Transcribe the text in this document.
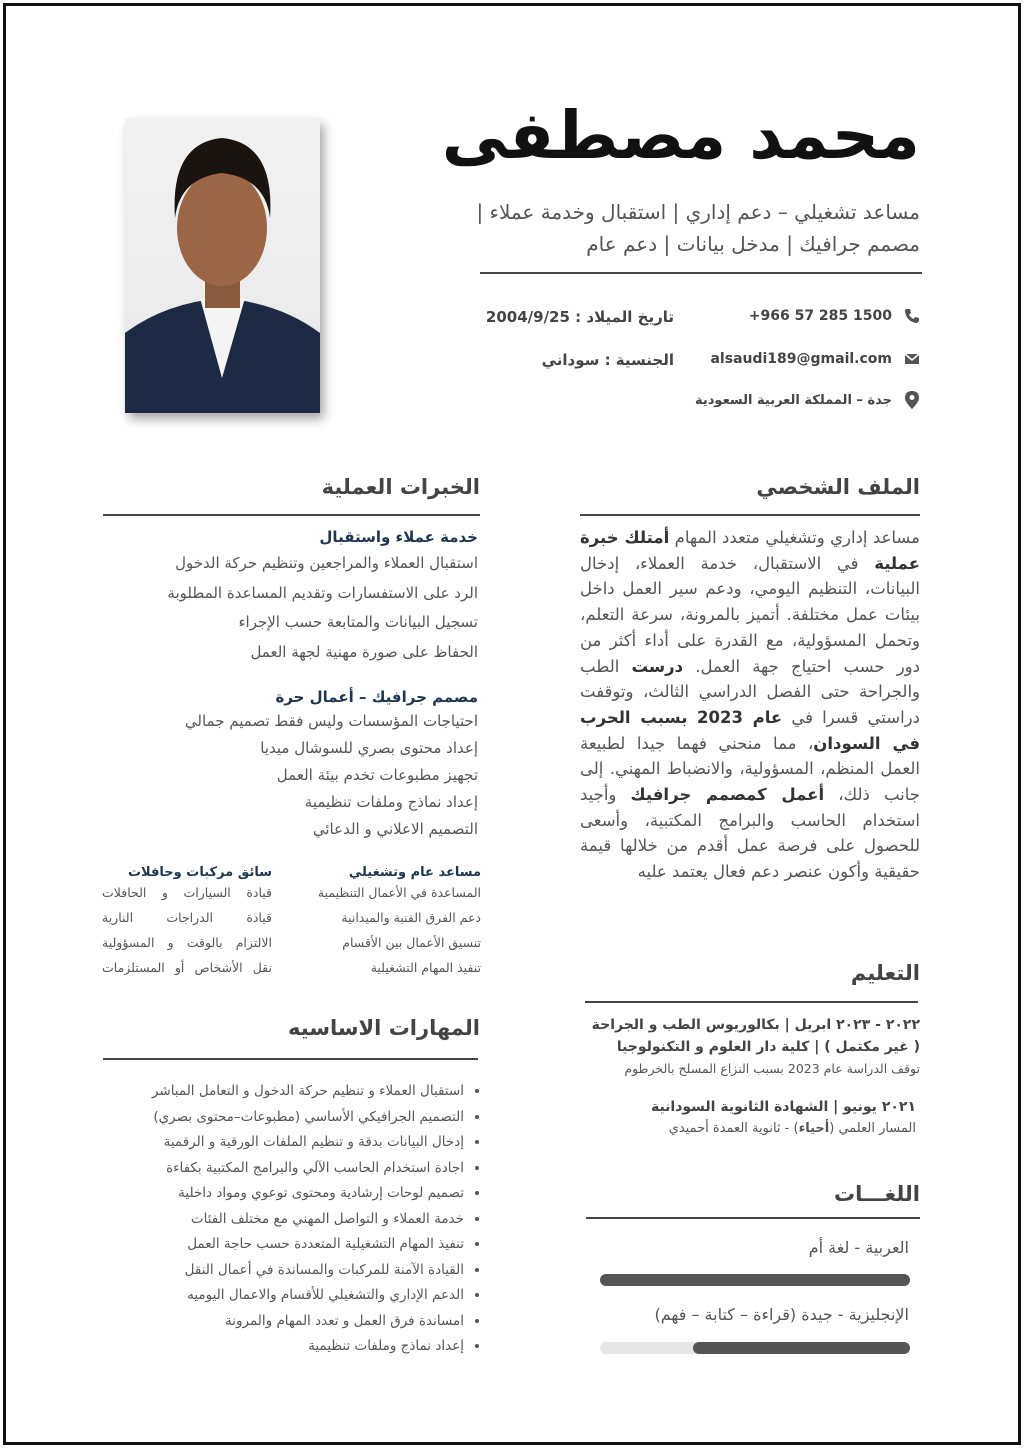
محمد مصطفى
مساعد تشغيلي – دعم إداري | استقبال وخدمة عملاء | مصمم جرافيك | مدخل بيانات | دعم عام
+966 57 285 1500
alsaudi189@gmail.com
جدة – المملكة العربية السعودية
تاريخ الميلاد : 2004/9/25
الجنسية : سوداني
الملف الشخصي
مساعد إداري وتشغيلي متعدد المهام أمتلك خبرة عملية في الاستقبال، خدمة العملاء، إدخال البيانات، التنظيم اليومي، ودعم سير العمل داخل بيئات عمل مختلفة. أتميز بالمرونة، سرعة التعلم، وتحمل المسؤولية، مع القدرة على أداء أكثر من دور حسب احتياج جهة العمل. درست الطب والجراحة حتى الفصل الدراسي الثالث، وتوقفت دراستي قسرا في عام 2023 بسبب الحرب في السودان، مما منحني فهما جيدا لطبيعة العمل المنظم، المسؤولية، والانضباط المهني. إلى جانب ذلك، أعمل كمصمم جرافيك وأجيد استخدام الحاسب والبرامج المكتبية، وأسعى للحصول على فرصة عمل أقدم من خلالها قيمة حقيقية وأكون عنصر دعم فعال يعتمد عليه
التعليم
٢٠٢٢ - ٢٠٢٣ ابريل | بكالوريوس الطب و الجراحة
( غير مكتمل ) | كلية دار العلوم و التكنولوجيا
توقف الدراسة عام 2023 بسبب النزاع المسلح بالخرطوم
٢٠٢١ يونيو | الشهادة الثانوية السودانية
المسار العلمي (أحياء) - ثانوية العمدة أحميدي
اللغـــات
العربية - لغة أم
الإنجليزية - جيدة (قراءة – كتابة – فهم)
الخبرات العملية
خدمة عملاء واستقبال
استقبال العملاء والمراجعين وتنظيم حركة الدخول
الرد على الاستفسارات وتقديم المساعدة المطلوبة
تسجيل البيانات والمتابعة حسب الإجراء
الحفاظ على صورة مهنية لجهة العمل
مصمم جرافيك – أعمال حرة
احتياجات المؤسسات وليس فقط تصميم جمالي
إعداد محتوى بصري للسوشال ميديا
تجهيز مطبوعات تخدم بيئة العمل
إعداد نماذج وملفات تنظيمية
التصميم الاعلاني و الدعائي
مساعد عام وتشغيلي
المساعدة في الأعمال التنظيمية
دعم الفرق الفنية والميدانية
تنسيق الأعمال بين الأقسام
تنفيذ المهام التشغيلية
سائق مركبات وحافلات
قيادة السيارات و الحافلات
قيادة الدراجات النارية
الالتزام بالوقت و المسؤولية
نقل الأشخاص أو المستلزمات
المهارات الاساسيه
• استقبال العملاء و تنظيم حركة الدخول و التعامل المباشر
• التصميم الجرافيكي الأساسي (مطبوعات–محتوى بصري)
• إدخال البيانات بدقة و تنظيم الملفات الورقية و الرقمية
• اجادة استخدام الحاسب الآلي والبرامج المكتبية بكفاءة
• تصميم لوحات إرشادية ومحتوى توعوي ومواد داخلية
• خدمة العملاء و التواصل المهني مع مختلف الفئات
• تنفيذ المهام التشغيلية المتعددة حسب حاجة العمل
• القيادة الآمنة للمركبات والمساندة في أعمال النقل
• الدعم الإداري والتشغيلي للأقسام والاعمال اليوميه
• امساندة فرق العمل و تعدد المهام والمرونة
• إعداد نماذج وملفات تنظيمية
